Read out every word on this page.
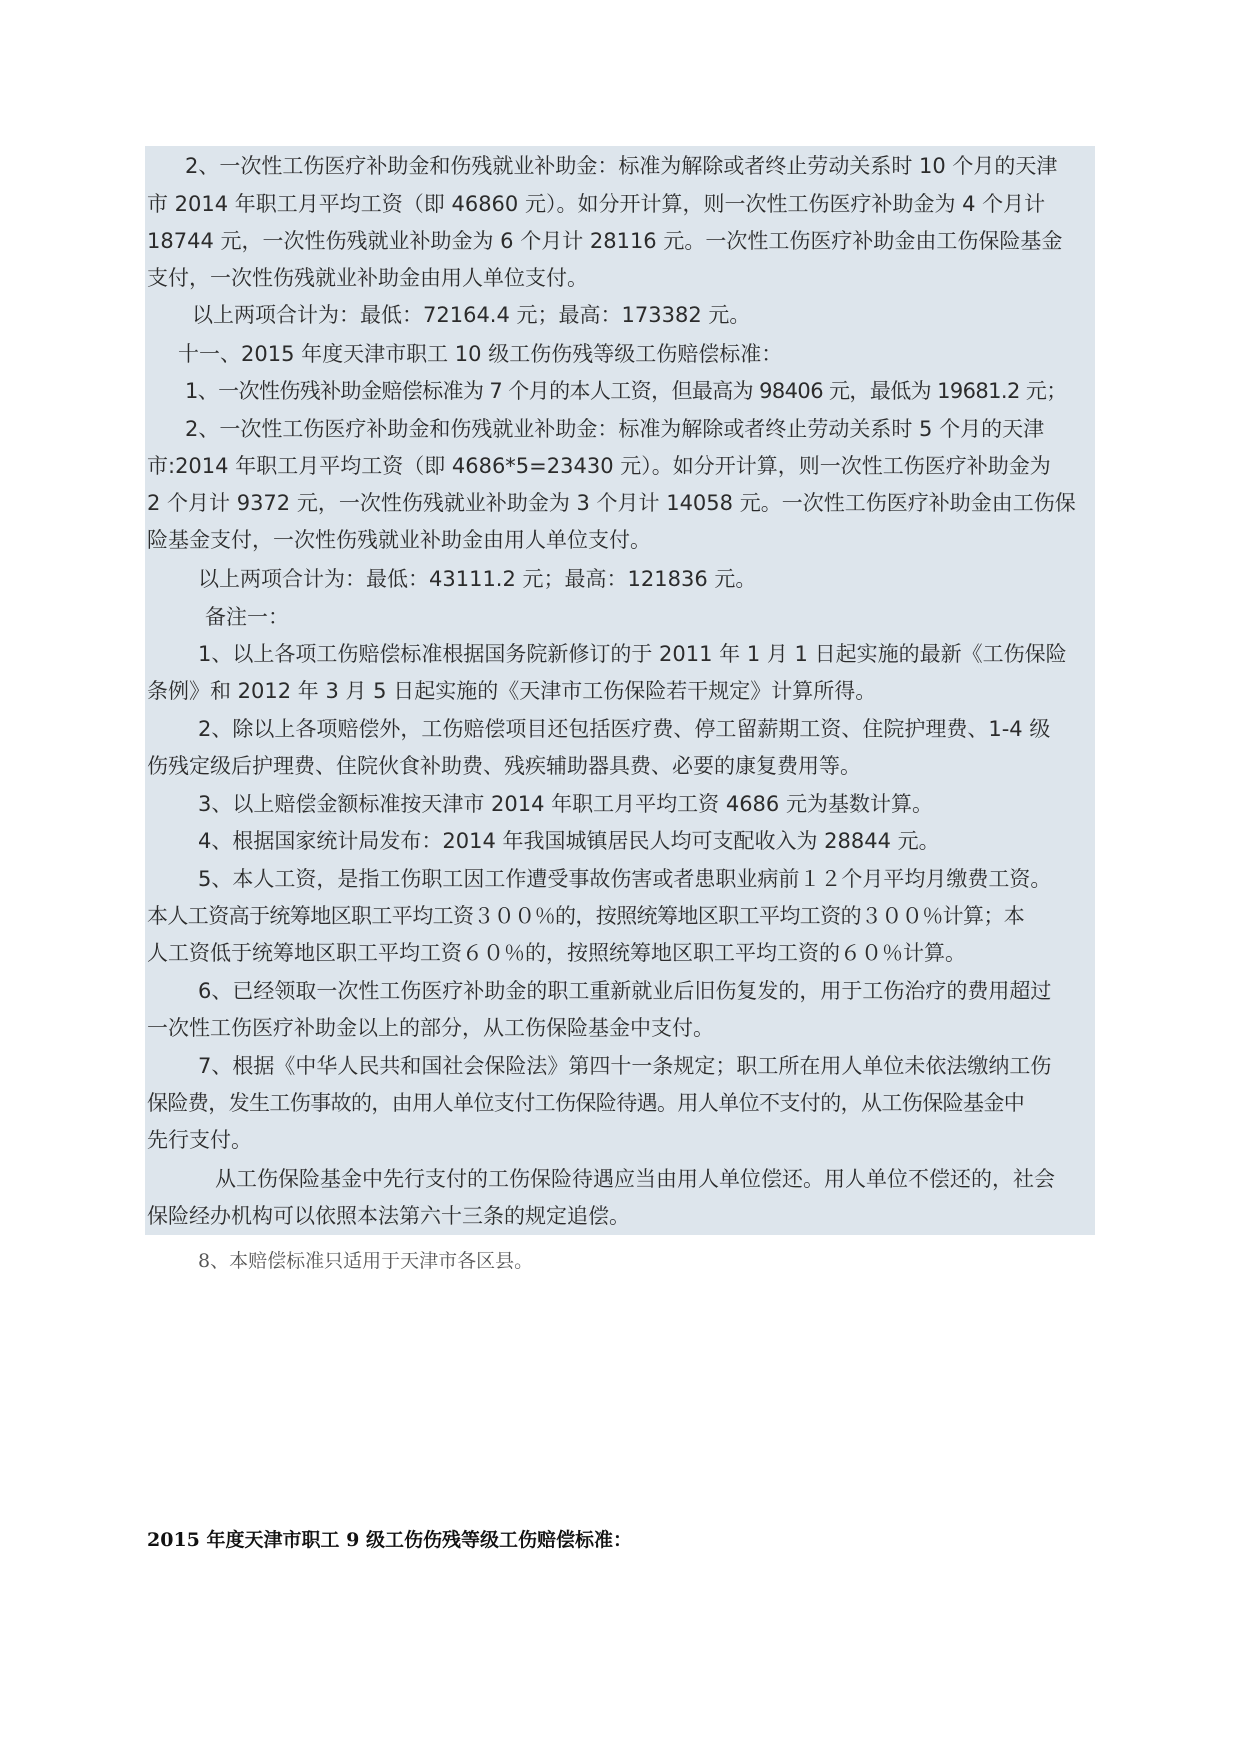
2、一次性工伤医疗补助金和伤残就业补助金：标准为解除或者终止劳动关系时 10 个月的天津
市 2014 年职工月平均工资（即 46860 元）。如分开计算，则一次性工伤医疗补助金为 4 个月计
18744 元，一次性伤残就业补助金为 6 个月计 28116 元。一次性工伤医疗补助金由工伤保险基金
支付，一次性伤残就业补助金由用人单位支付。
以上两项合计为：最低：72164.4 元；最高：173382 元。
十一、2015 年度天津市职工 10 级工伤伤残等级工伤赔偿标准：
1、一次性伤残补助金赔偿标准为 7 个月的本人工资，但最高为 98406 元，最低为 19681.2 元；
2、一次性工伤医疗补助金和伤残就业补助金：标准为解除或者终止劳动关系时 5 个月的天津
市:2014 年职工月平均工资（即 4686*5=23430 元）。如分开计算，则一次性工伤医疗补助金为
2 个月计 9372 元，一次性伤残就业补助金为 3 个月计 14058 元。一次性工伤医疗补助金由工伤保
险基金支付，一次性伤残就业补助金由用人单位支付。
以上两项合计为：最低：43111.2 元；最高：121836 元。
备注一：
1、以上各项工伤赔偿标准根据国务院新修订的于 2011 年 1 月 1 日起实施的最新《工伤保险
条例》和 2012 年 3 月 5 日起实施的《天津市工伤保险若干规定》计算所得。
2、除以上各项赔偿外，工伤赔偿项目还包括医疗费、停工留薪期工资、住院护理费、1-4 级
伤残定级后护理费、住院伙食补助费、残疾辅助器具费、必要的康复费用等。
3、以上赔偿金额标准按天津市 2014 年职工月平均工资 4686 元为基数计算。
4、根据国家统计局发布：2014 年我国城镇居民人均可支配收入为 28844 元。
5、本人工资，是指工伤职工因工作遭受事故伤害或者患职业病前１２个月平均月缴费工资。
本人工资高于统筹地区职工平均工资３００％的，按照统筹地区职工平均工资的３００％计算；本
人工资低于统筹地区职工平均工资６０％的，按照统筹地区职工平均工资的６０％计算。
6、已经领取一次性工伤医疗补助金的职工重新就业后旧伤复发的，用于工伤治疗的费用超过
一次性工伤医疗补助金以上的部分，从工伤保险基金中支付。
7、根据《中华人民共和国社会保险法》第四十一条规定；职工所在用人单位未依法缴纳工伤
保险费，发生工伤事故的，由用人单位支付工伤保险待遇。用人单位不支付的，从工伤保险基金中
先行支付。
从工伤保险基金中先行支付的工伤保险待遇应当由用人单位偿还。用人单位不偿还的，社会
保险经办机构可以依照本法第六十三条的规定追偿。
8、本赔偿标准只适用于天津市各区县。
2015 年度天津市职工 9 级工伤伤残等级工伤赔偿标准：
